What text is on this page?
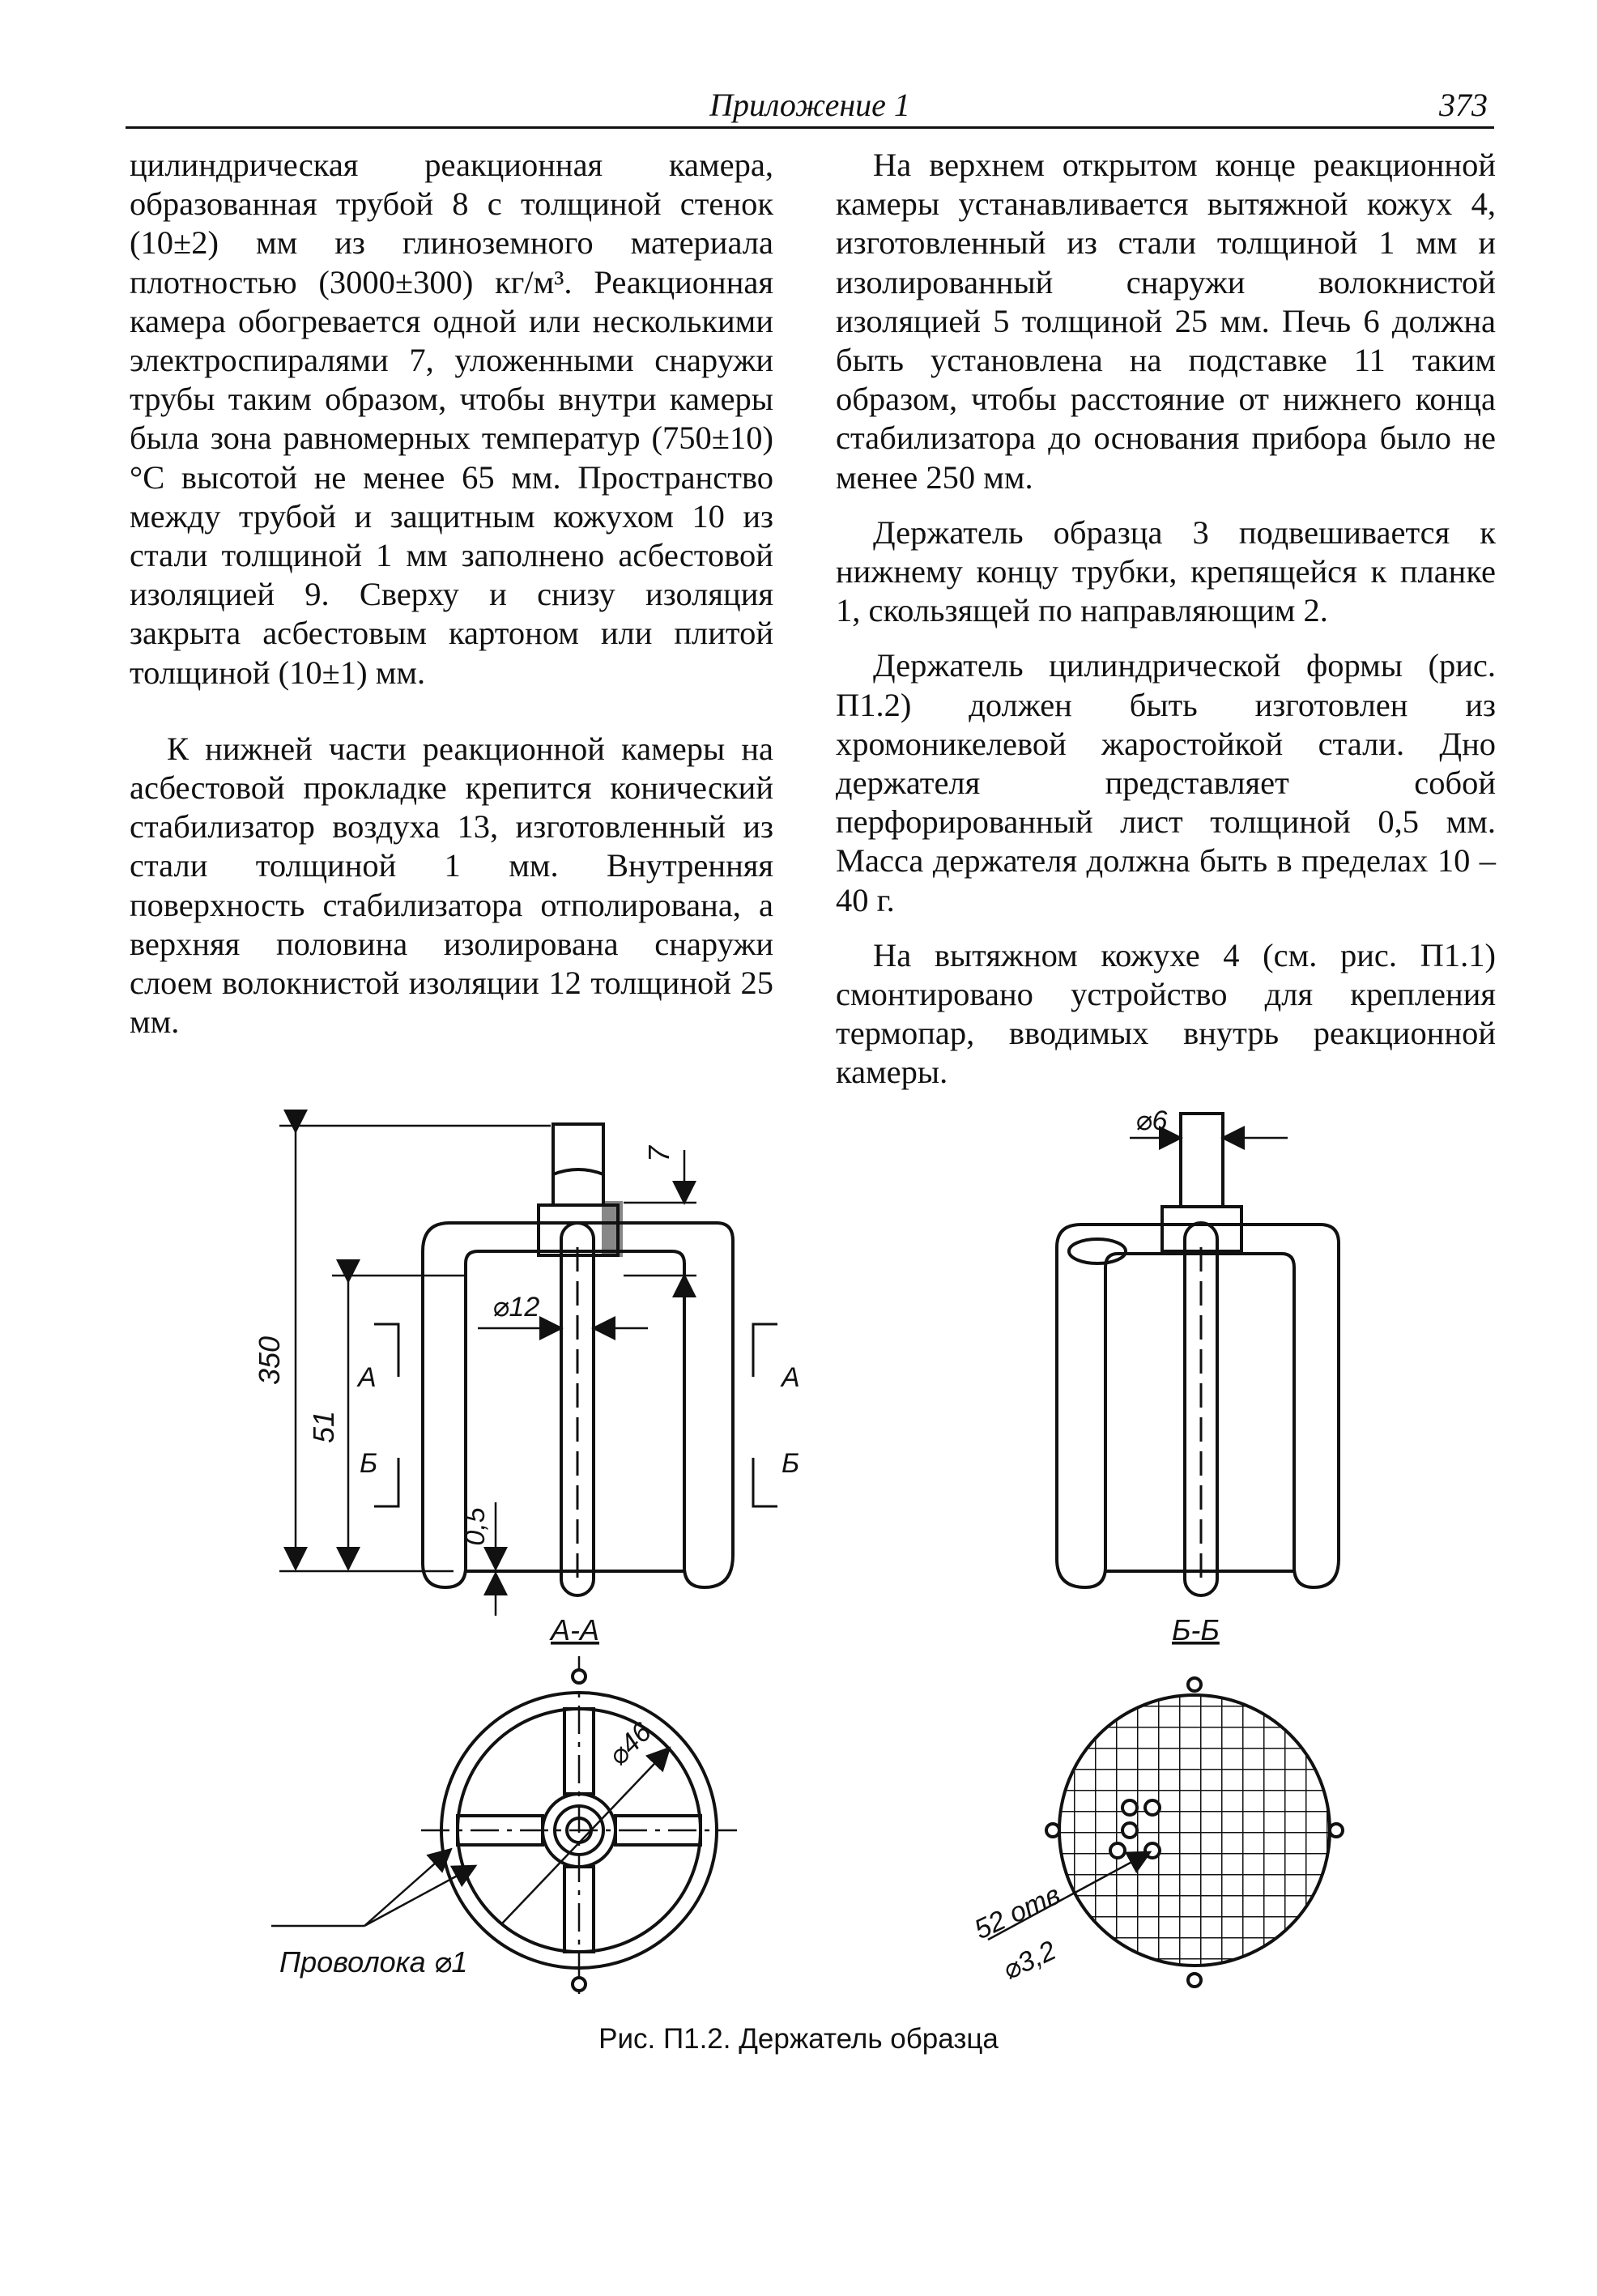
Приложение 1	373

цилиндрическая реакционная камера, образованная трубой 8 с толщиной стенок (10±2) мм из глиноземного материала плотностью (3000±300) кг/м³. Реакционная камера обогревается одной или несколькими электроспиралями 7, уложенными снаружи трубы таким образом, чтобы внутри камеры была зона равномерных температур (750±10)°С высотой не менее 65 мм. Пространство между трубой и защитным кожухом 10 из стали толщиной 1 мм заполнено асбестовой изоляцией 9. Сверху и снизу изоляция закрыта асбестовым картоном или плитой толщиной (10±1) мм.

К нижней части реакционной камеры на асбестовой прокладке крепится конический стабилизатор воздуха 13, изготовленный из стали толщиной 1 мм. Внутренняя поверхность стабилизатора отполирована, а верхняя половина изолирована снаружи слоем волокнистой изоляции 12 толщиной 25 мм.

На верхнем открытом конце реакционной камеры устанавливается вытяжной кожух 4, изготовленный из стали толщиной 1 мм и изолированный снаружи волокнистой изоляцией 5 толщиной 25 мм. Печь 6 должна быть установлена на подставке 11 таким образом, чтобы расстояние от нижнего конца стабилизатора до основания прибора было не менее 250 мм.

Держатель образца 3 подвешивается к нижнему концу трубки, крепящейся к планке 1, скользящей по направляющим 2.

Держатель цилиндрической формы (рис. П1.2) должен быть изготовлен из хромоникелевой жаростойкой стали. Дно держателя представляет собой перфорированный лист толщиной 0,5 мм. Масса держателя должна быть в пределах 10 – 40 г.

На вытяжном кожухе 4 (см. рис. П1.1) смонтировано устройство для крепления термопар, вводимых внутрь реакционной камеры.

350
51
7
0,5
⌀12
⌀6
А	А
Б	Б
А-А	Б-Б
⌀46
Проволока ⌀1
52 отв
⌀3,2
Рис. П1.2. Держатель образца
